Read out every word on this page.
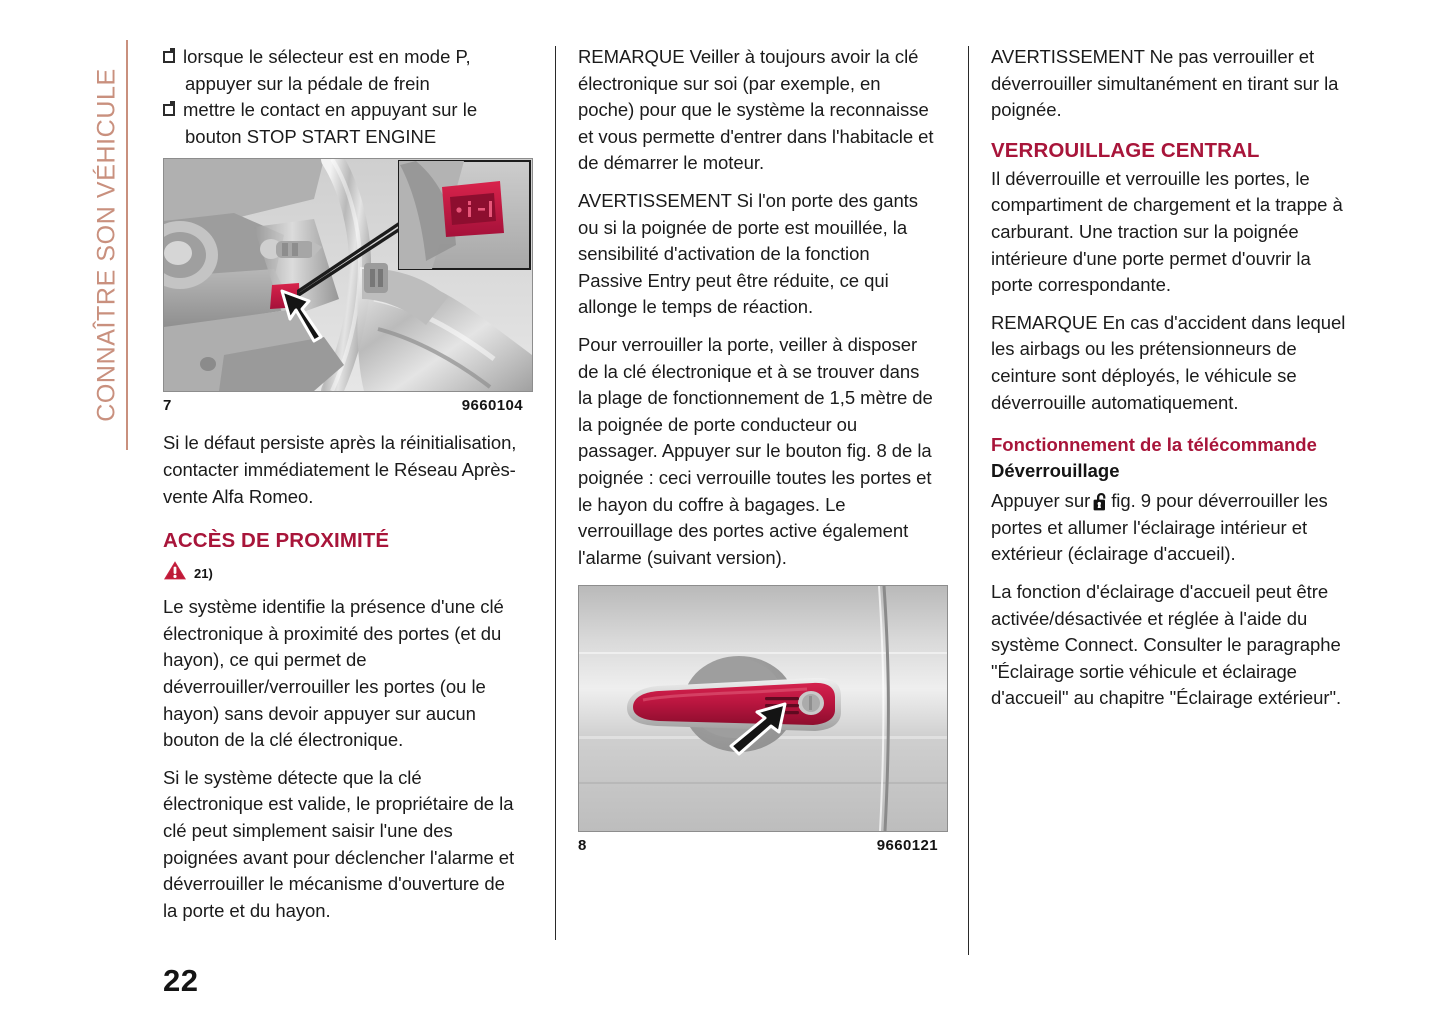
CONNAÎTRE SON VÉHICULE
lorsque le sélecteur est en mode P, appuyer sur la pédale de frein
mettre le contact en appuyant sur le bouton STOP START ENGINE
7	9660104

Si le défaut persiste après la réinitialisation, contacter immédiatement le Réseau Après-vente Alfa Romeo.

ACCÈS DE PROXIMITÉ
21)

Le système identifie la présence d'une clé électronique à proximité des portes (et du hayon), ce qui permet de déverrouiller/verrouiller les portes (ou le hayon) sans devoir appuyer sur aucun bouton de la clé électronique.

Si le système détecte que la clé électronique est valide, le propriétaire de la clé peut simplement saisir l'une des poignées avant pour déclencher l'alarme et déverrouiller le mécanisme d'ouverture de la porte et du hayon.

REMARQUE Veiller à toujours avoir la clé électronique sur soi (par exemple, en poche) pour que le système la reconnaisse et vous permette d'entrer dans l'habitacle et de démarrer le moteur.

AVERTISSEMENT Si l'on porte des gants ou si la poignée de porte est mouillée, la sensibilité d'activation de la fonction Passive Entry peut être réduite, ce qui allonge le temps de réaction.

Pour verrouiller la porte, veiller à disposer de la clé électronique et à se trouver dans la plage de fonctionnement de 1,5 mètre de la poignée de porte conducteur ou passager. Appuyer sur le bouton fig. 8 de la poignée : ceci verrouille toutes les portes et le hayon du coffre à bagages. Le verrouillage des portes active également l'alarme (suivant version).

8	9660121

AVERTISSEMENT Ne pas verrouiller et déverrouiller simultanément en tirant sur la poignée.

VERROUILLAGE CENTRAL

Il déverrouille et verrouille les portes, le compartiment de chargement et la trappe à carburant. Une traction sur la poignée intérieure d'une porte permet d'ouvrir la porte correspondante.

REMARQUE En cas d'accident dans lequel les airbags ou les prétensionneurs de ceinture sont déployés, le véhicule se déverrouille automatiquement.

Fonctionnement de la télécommande
Déverrouillage

Appuyer sur fig. 9 pour déverrouiller les portes et allumer l'éclairage intérieur et extérieur (éclairage d'accueil).

La fonction d'éclairage d'accueil peut être activée/désactivée et réglée à l'aide du système Connect. Consulter le paragraphe "Éclairage sortie véhicule et éclairage d'accueil" au chapitre "Éclairage extérieur".

22
